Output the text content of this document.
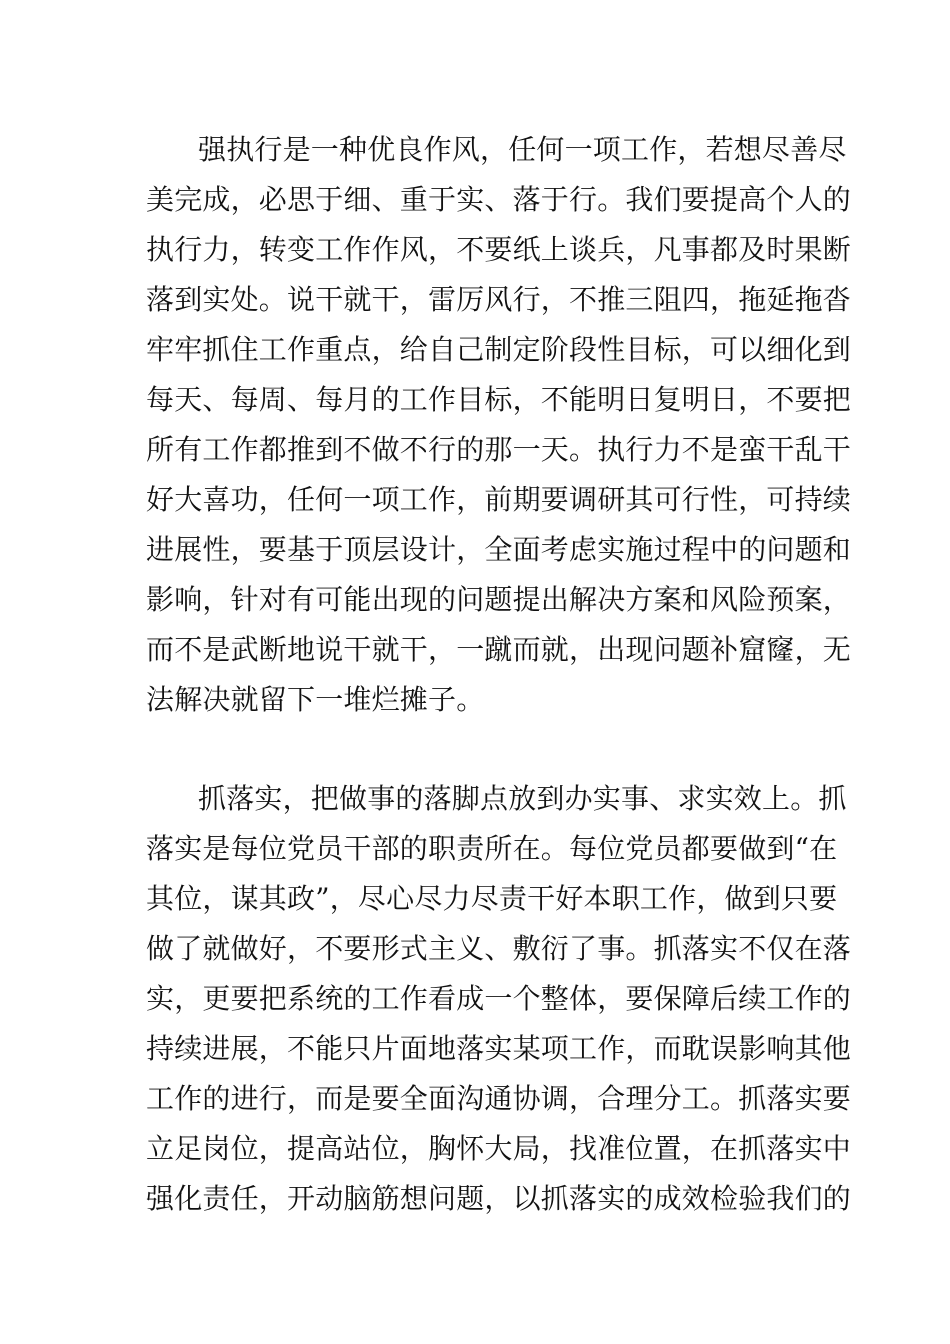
强执行是一种优良作风，任何一项工作，若想尽善尽
美完成，必思于细、重于实、落于行。我们要提高个人的
执行力，转变工作作风，不要纸上谈兵，凡事都及时果断
落到实处。说干就干，雷厉风行，不推三阻四，拖延拖沓
牢牢抓住工作重点，给自己制定阶段性目标，可以细化到
每天、每周、每月的工作目标，不能明日复明日，不要把
所有工作都推到不做不行的那一天。执行力不是蛮干乱干
好大喜功，任何一项工作，前期要调研其可行性，可持续
进展性，要基于顶层设计，全面考虑实施过程中的问题和
影响，针对有可能出现的问题提出解决方案和风险预案，
而不是武断地说干就干，一蹴而就，出现问题补窟窿，无
法解决就留下一堆烂摊子。
抓落实，把做事的落脚点放到办实事、求实效上。抓
落实是每位党员干部的职责所在。每位党员都要做到“在
其位，谋其政”，尽心尽力尽责干好本职工作，做到只要
做了就做好，不要形式主义、敷衍了事。抓落实不仅在落
实，更要把系统的工作看成一个整体，要保障后续工作的
持续进展，不能只片面地落实某项工作，而耽误影响其他
工作的进行，而是要全面沟通协调，合理分工。抓落实要
立足岗位，提高站位，胸怀大局，找准位置，在抓落实中
强化责任，开动脑筋想问题，以抓落实的成效检验我们的
